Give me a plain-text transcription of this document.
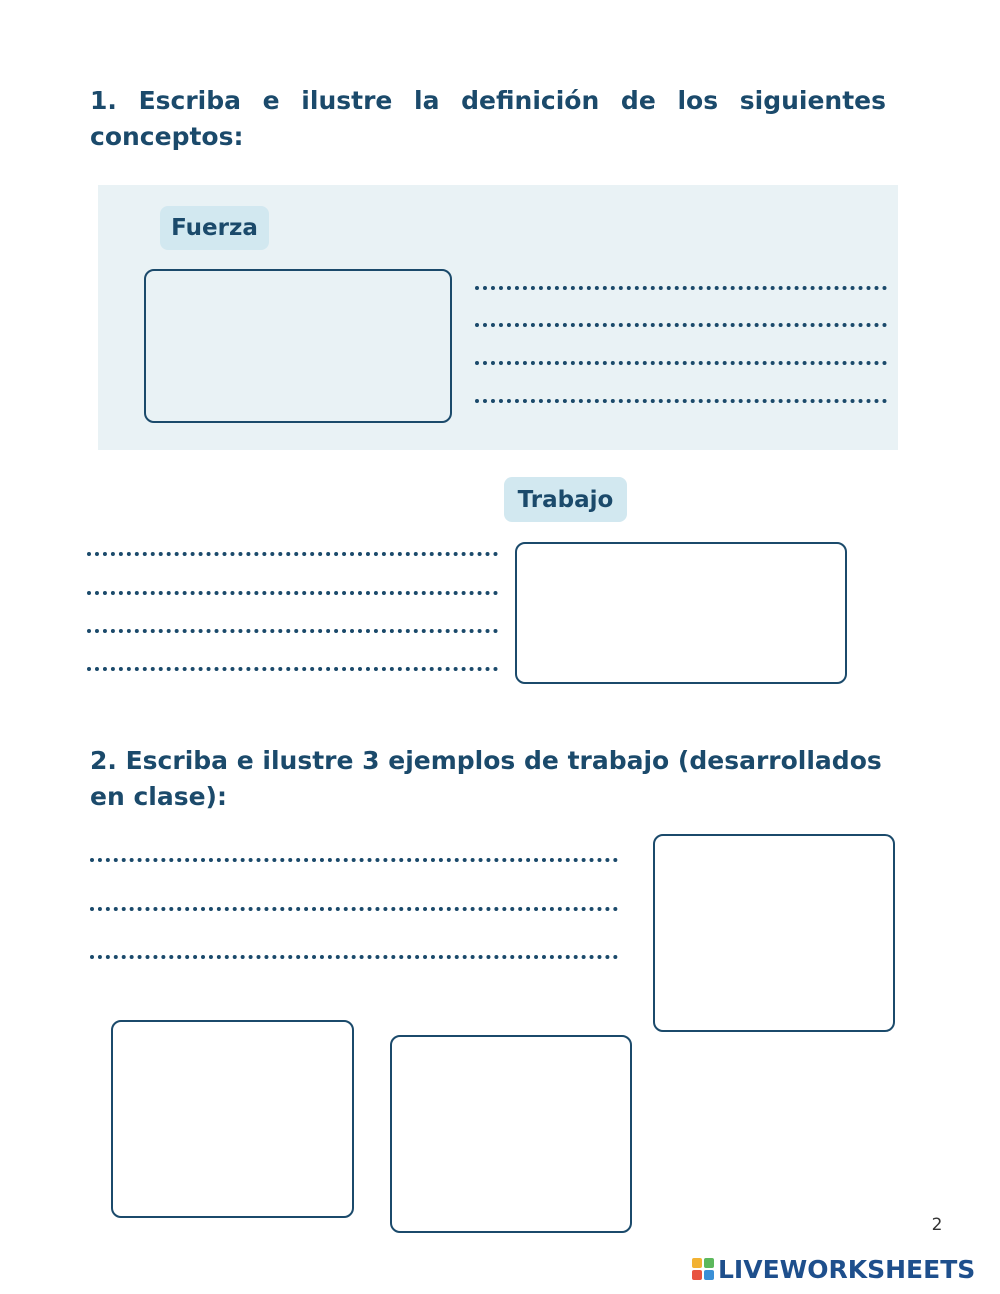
1. Escriba e ilustre la definición de los siguientes conceptos:
Fuerza
Trabajo
2. Escriba e ilustre 3 ejemplos de trabajo (desarrollados en clase):
2
LIVEWORKSHEETS
